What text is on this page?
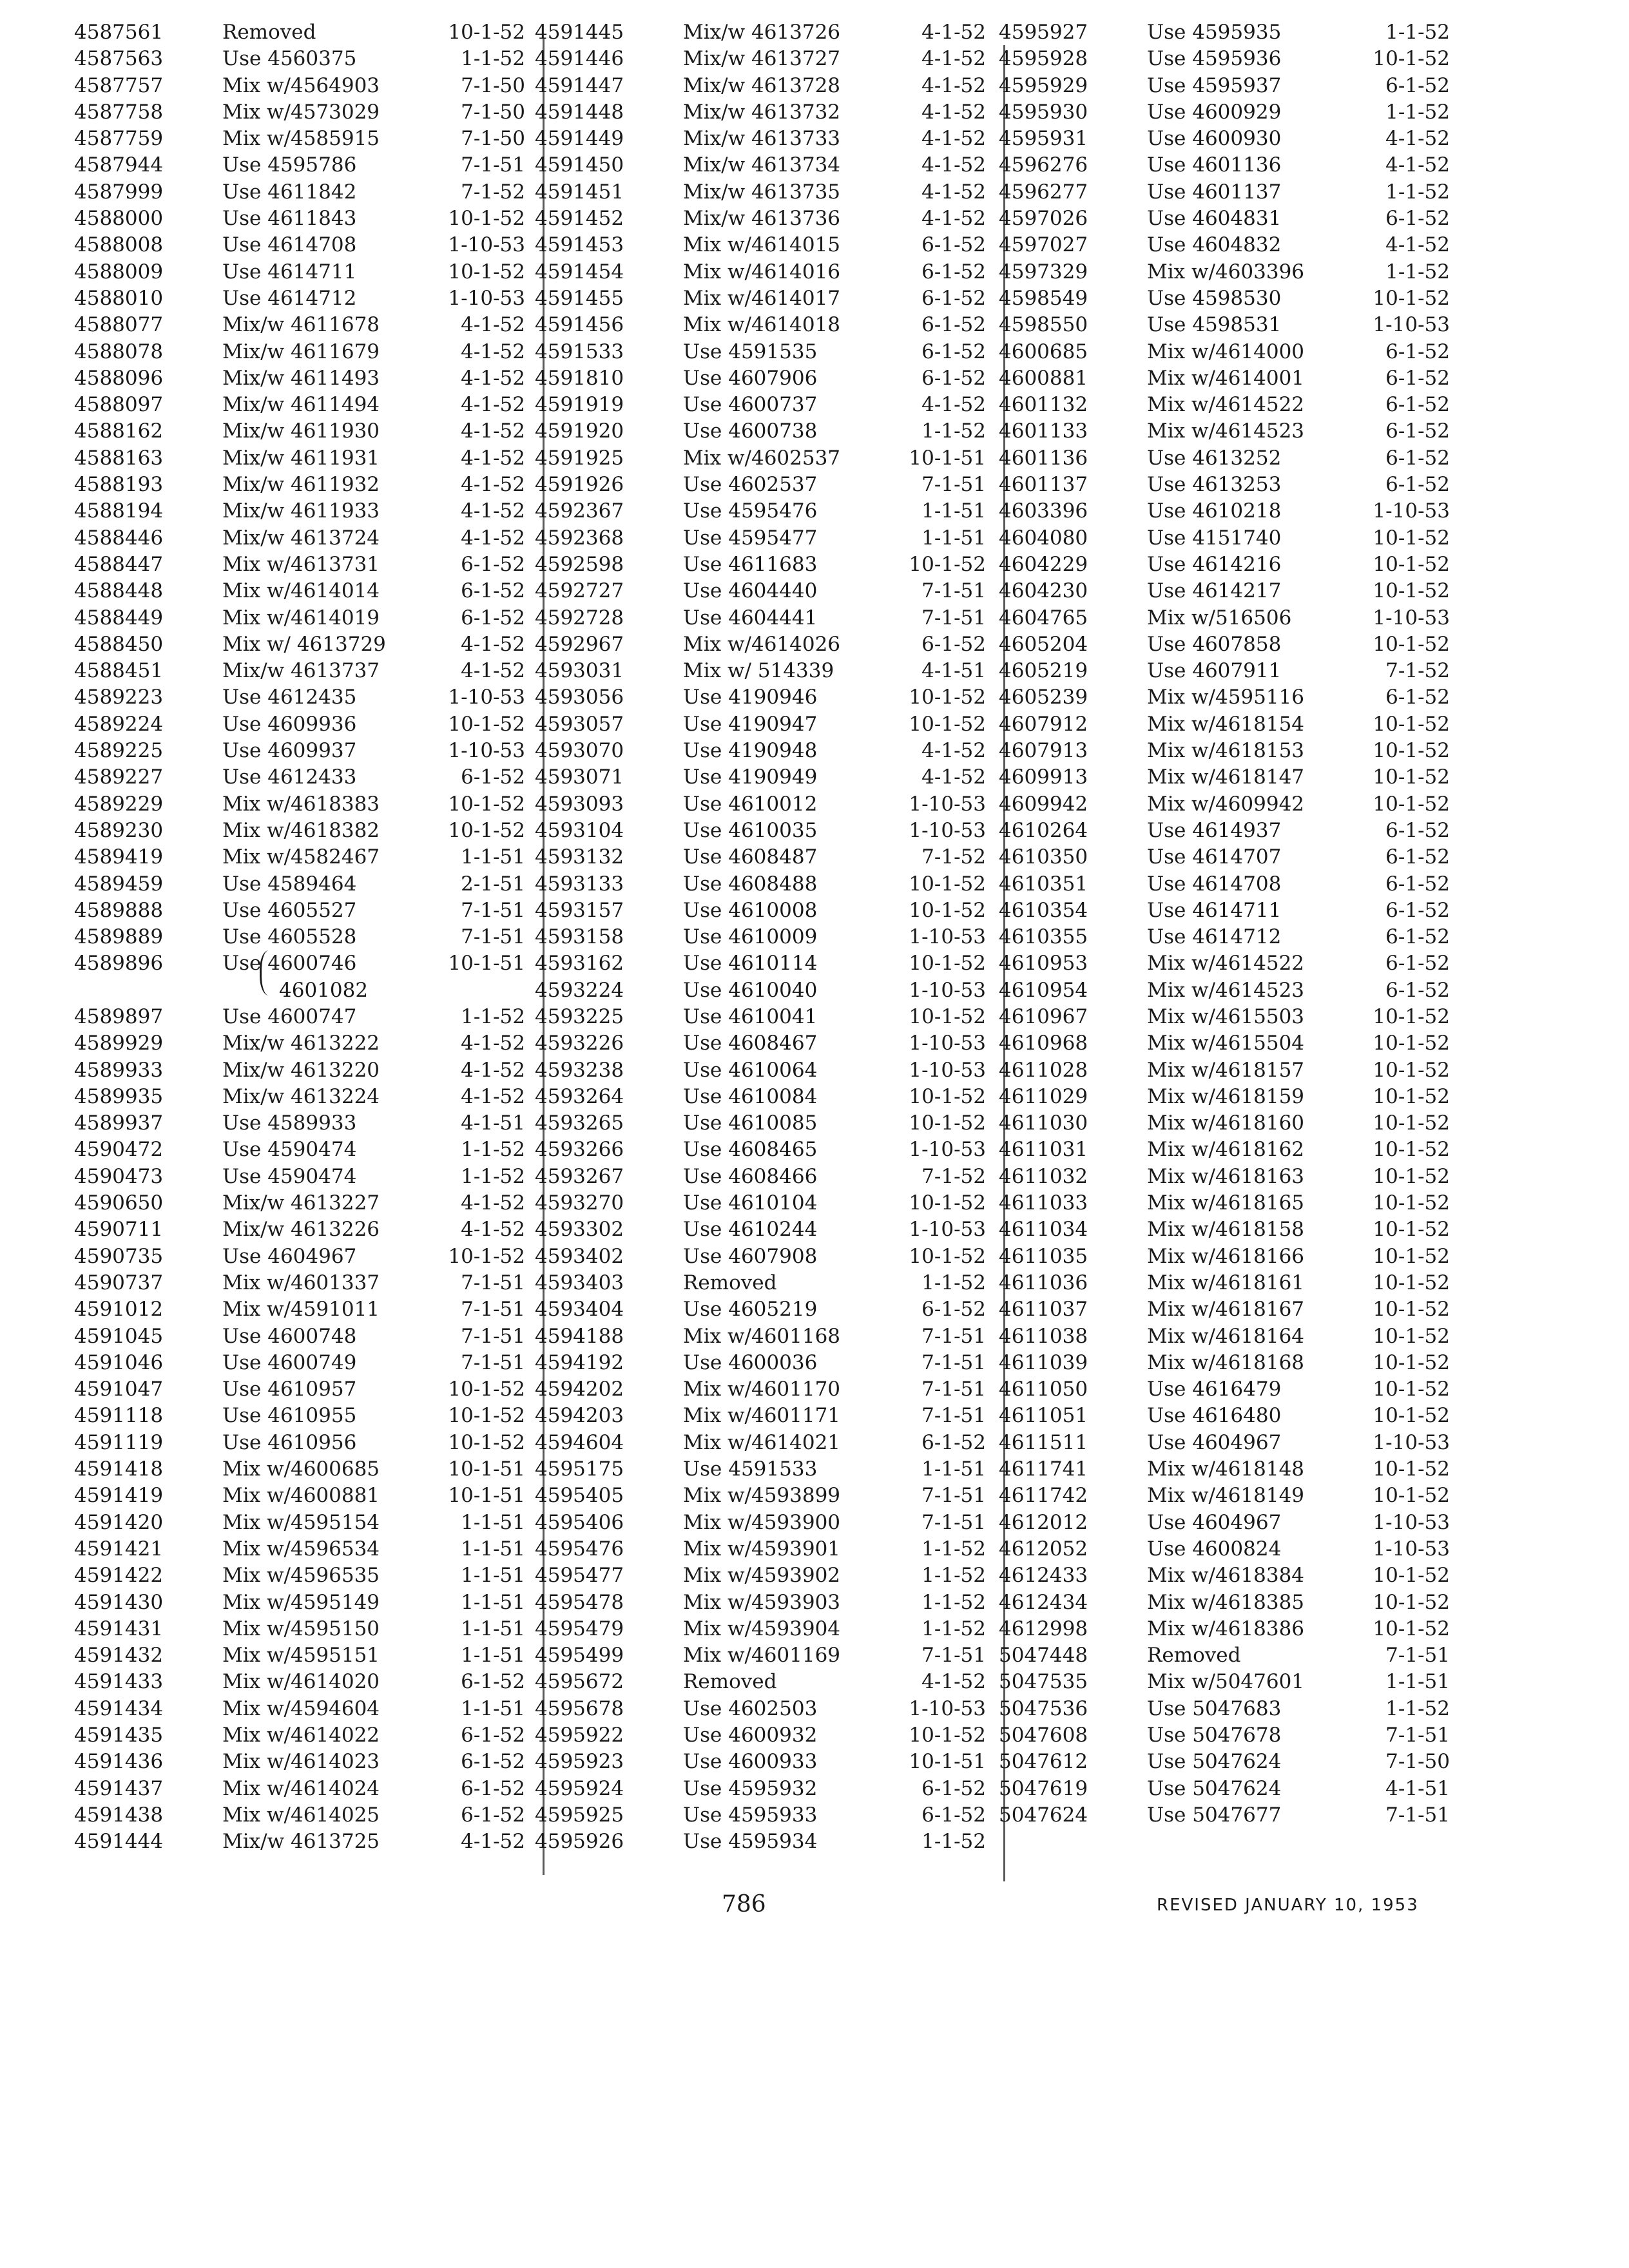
4587561	Removed	10-1-52
4587563	Use 4560375	1-1-52
4587757	Mix w/4564903	7-1-50
4587758	Mix w/4573029	7-1-50
4587759	Mix w/4585915	7-1-50
4587944	Use 4595786	7-1-51
4587999	Use 4611842	7-1-52
4588000	Use 4611843	10-1-52
4588008	Use 4614708	1-10-53
4588009	Use 4614711	10-1-52
4588010	Use 4614712	1-10-53
4588077	Mix/w 4611678	4-1-52
4588078	Mix/w 4611679	4-1-52
4588096	Mix/w 4611493	4-1-52
4588097	Mix/w 4611494	4-1-52
4588162	Mix/w 4611930	4-1-52
4588163	Mix/w 4611931	4-1-52
4588193	Mix/w 4611932	4-1-52
4588194	Mix/w 4611933	4-1-52
4588446	Mix/w 4613724	4-1-52
4588447	Mix w/4613731	6-1-52
4588448	Mix w/4614014	6-1-52
4588449	Mix w/4614019	6-1-52
4588450	Mix w/ 4613729	4-1-52
4588451	Mix/w 4613737	4-1-52
4589223	Use 4612435	1-10-53
4589224	Use 4609936	10-1-52
4589225	Use 4609937	1-10-53
4589227	Use 4612433	6-1-52
4589229	Mix w/4618383	10-1-52
4589230	Mix w/4618382	10-1-52
4589419	Mix w/4582467	1-1-51
4589459	Use 4589464	2-1-51
4589888	Use 4605527	7-1-51
4589889	Use 4605528	7-1-51
4589896	Use 4600746	10-1-51
4601082
4589897	Use 4600747	1-1-52
4589929	Mix/w 4613222	4-1-52
4589933	Mix/w 4613220	4-1-52
4589935	Mix/w 4613224	4-1-52
4589937	Use 4589933	4-1-51
4590472	Use 4590474	1-1-52
4590473	Use 4590474	1-1-52
4590650	Mix/w 4613227	4-1-52
4590711	Mix/w 4613226	4-1-52
4590735	Use 4604967	10-1-52
4590737	Mix w/4601337	7-1-51
4591012	Mix w/4591011	7-1-51
4591045	Use 4600748	7-1-51
4591046	Use 4600749	7-1-51
4591047	Use 4610957	10-1-52
4591118	Use 4610955	10-1-52
4591119	Use 4610956	10-1-52
4591418	Mix w/4600685	10-1-51
4591419	Mix w/4600881	10-1-51
4591420	Mix w/4595154	1-1-51
4591421	Mix w/4596534	1-1-51
4591422	Mix w/4596535	1-1-51
4591430	Mix w/4595149	1-1-51
4591431	Mix w/4595150	1-1-51
4591432	Mix w/4595151	1-1-51
4591433	Mix w/4614020	6-1-52
4591434	Mix w/4594604	1-1-51
4591435	Mix w/4614022	6-1-52
4591436	Mix w/4614023	6-1-52
4591437	Mix w/4614024	6-1-52
4591438	Mix w/4614025	6-1-52
4591444	Mix/w 4613725	4-1-52
4591445	Mix/w 4613726	4-1-52
4591446	Mix/w 4613727	4-1-52
4591447	Mix/w 4613728	4-1-52
4591448	Mix/w 4613732	4-1-52
4591449	Mix/w 4613733	4-1-52
4591450	Mix/w 4613734	4-1-52
4591451	Mix/w 4613735	4-1-52
4591452	Mix/w 4613736	4-1-52
4591453	Mix w/4614015	6-1-52
4591454	Mix w/4614016	6-1-52
4591455	Mix w/4614017	6-1-52
4591456	Mix w/4614018	6-1-52
4591533	Use 4591535	6-1-52
4591810	Use 4607906	6-1-52
4591919	Use 4600737	4-1-52
4591920	Use 4600738	1-1-52
4591925	Mix w/4602537	10-1-51
4591926	Use 4602537	7-1-51
4592367	Use 4595476	1-1-51
4592368	Use 4595477	1-1-51
4592598	Use 4611683	10-1-52
4592727	Use 4604440	7-1-51
4592728	Use 4604441	7-1-51
4592967	Mix w/4614026	6-1-52
4593031	Mix w/ 514339	4-1-51
4593056	Use 4190946	10-1-52
4593057	Use 4190947	10-1-52
4593070	Use 4190948	4-1-52
4593071	Use 4190949	4-1-52
4593093	Use 4610012	1-10-53
4593104	Use 4610035	1-10-53
4593132	Use 4608487	7-1-52
4593133	Use 4608488	10-1-52
4593157	Use 4610008	10-1-52
4593158	Use 4610009	1-10-53
4593162	Use 4610114	10-1-52
4593224	Use 4610040	1-10-53
4593225	Use 4610041	10-1-52
4593226	Use 4608467	1-10-53
4593238	Use 4610064	1-10-53
4593264	Use 4610084	10-1-52
4593265	Use 4610085	10-1-52
4593266	Use 4608465	1-10-53
4593267	Use 4608466	7-1-52
4593270	Use 4610104	10-1-52
4593302	Use 4610244	1-10-53
4593402	Use 4607908	10-1-52
4593403	Removed	1-1-52
4593404	Use 4605219	6-1-52
4594188	Mix w/4601168	7-1-51
4594192	Use 4600036	7-1-51
4594202	Mix w/4601170	7-1-51
4594203	Mix w/4601171	7-1-51
4594604	Mix w/4614021	6-1-52
4595175	Use 4591533	1-1-51
4595405	Mix w/4593899	7-1-51
4595406	Mix w/4593900	7-1-51
4595476	Mix w/4593901	1-1-52
4595477	Mix w/4593902	1-1-52
4595478	Mix w/4593903	1-1-52
4595479	Mix w/4593904	1-1-52
4595499	Mix w/4601169	7-1-51
4595672	Removed	4-1-52
4595678	Use 4602503	1-10-53
4595922	Use 4600932	10-1-52
4595923	Use 4600933	10-1-51
4595924	Use 4595932	6-1-52
4595925	Use 4595933	6-1-52
4595926	Use 4595934	1-1-52
4595927	Use 4595935	1-1-52
4595928	Use 4595936	10-1-52
4595929	Use 4595937	6-1-52
4595930	Use 4600929	1-1-52
4595931	Use 4600930	4-1-52
4596276	Use 4601136	4-1-52
4596277	Use 4601137	1-1-52
4597026	Use 4604831	6-1-52
4597027	Use 4604832	4-1-52
4597329	Mix w/4603396	1-1-52
4598549	Use 4598530	10-1-52
4598550	Use 4598531	1-10-53
4600685	Mix w/4614000	6-1-52
4600881	Mix w/4614001	6-1-52
4601132	Mix w/4614522	6-1-52
4601133	Mix w/4614523	6-1-52
4601136	Use 4613252	6-1-52
4601137	Use 4613253	6-1-52
4603396	Use 4610218	1-10-53
4604080	Use 4151740	10-1-52
4604229	Use 4614216	10-1-52
4604230	Use 4614217	10-1-52
4604765	Mix w/516506	1-10-53
4605204	Use 4607858	10-1-52
4605219	Use 4607911	7-1-52
4605239	Mix w/4595116	6-1-52
4607912	Mix w/4618154	10-1-52
4607913	Mix w/4618153	10-1-52
4609913	Mix w/4618147	10-1-52
4609942	Mix w/4609942	10-1-52
4610264	Use 4614937	6-1-52
4610350	Use 4614707	6-1-52
4610351	Use 4614708	6-1-52
4610354	Use 4614711	6-1-52
4610355	Use 4614712	6-1-52
4610953	Mix w/4614522	6-1-52
4610954	Mix w/4614523	6-1-52
4610967	Mix w/4615503	10-1-52
4610968	Mix w/4615504	10-1-52
4611028	Mix w/4618157	10-1-52
4611029	Mix w/4618159	10-1-52
4611030	Mix w/4618160	10-1-52
4611031	Mix w/4618162	10-1-52
4611032	Mix w/4618163	10-1-52
4611033	Mix w/4618165	10-1-52
4611034	Mix w/4618158	10-1-52
4611035	Mix w/4618166	10-1-52
4611036	Mix w/4618161	10-1-52
4611037	Mix w/4618167	10-1-52
4611038	Mix w/4618164	10-1-52
4611039	Mix w/4618168	10-1-52
4611050	Use 4616479	10-1-52
4611051	Use 4616480	10-1-52
4611511	Use 4604967	1-10-53
4611741	Mix w/4618148	10-1-52
4611742	Mix w/4618149	10-1-52
4612012	Use 4604967	1-10-53
4612052	Use 4600824	1-10-53
4612433	Mix w/4618384	10-1-52
4612434	Mix w/4618385	10-1-52
4612998	Mix w/4618386	10-1-52
5047448	Removed	7-1-51
5047535	Mix w/5047601	1-1-51
5047536	Use 5047683	1-1-52
5047608	Use 5047678	7-1-51
5047612	Use 5047624	7-1-50
5047619	Use 5047624	4-1-51
5047624	Use 5047677	7-1-51
786	REVISED JANUARY 10, 1953
